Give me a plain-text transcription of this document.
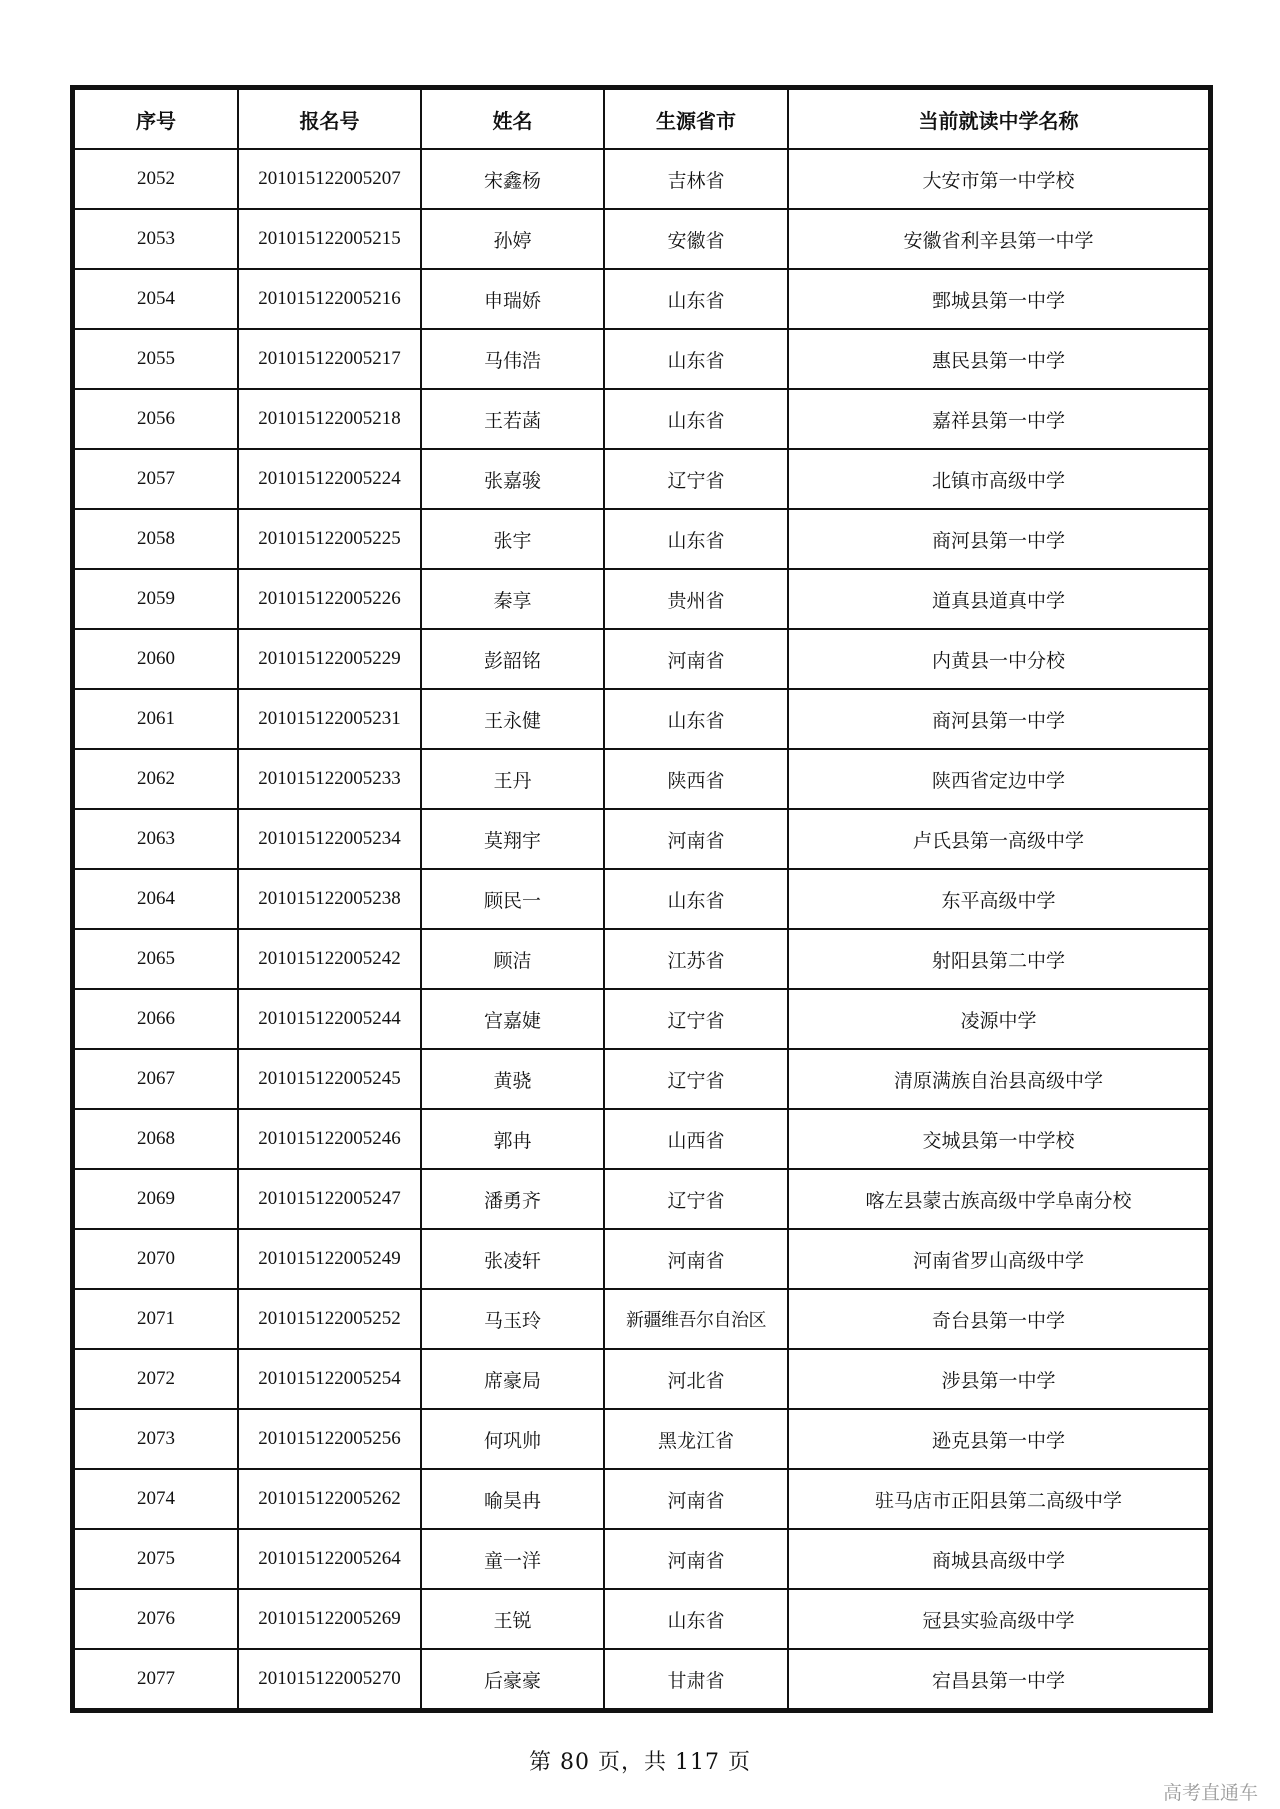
序号	报名号	姓名	生源省市	当前就读中学名称
2052	201015122005207	宋鑫杨	吉林省	大安市第一中学校
2053	201015122005215	孙婷	安徽省	安徽省利辛县第一中学
2054	201015122005216	申瑞娇	山东省	鄄城县第一中学
2055	201015122005217	马伟浩	山东省	惠民县第一中学
2056	201015122005218	王若菡	山东省	嘉祥县第一中学
2057	201015122005224	张嘉骏	辽宁省	北镇市高级中学
2058	201015122005225	张宇	山东省	商河县第一中学
2059	201015122005226	秦享	贵州省	道真县道真中学
2060	201015122005229	彭韶铭	河南省	内黄县一中分校
2061	201015122005231	王永健	山东省	商河县第一中学
2062	201015122005233	王丹	陕西省	陕西省定边中学
2063	201015122005234	莫翔宇	河南省	卢氏县第一高级中学
2064	201015122005238	顾民一	山东省	东平高级中学
2065	201015122005242	顾洁	江苏省	射阳县第二中学
2066	201015122005244	宫嘉婕	辽宁省	凌源中学
2067	201015122005245	黄骁	辽宁省	清原满族自治县高级中学
2068	201015122005246	郭冉	山西省	交城县第一中学校
2069	201015122005247	潘勇齐	辽宁省	喀左县蒙古族高级中学阜南分校
2070	201015122005249	张凌轩	河南省	河南省罗山高级中学
2071	201015122005252	马玉玲	新疆维吾尔自治区	奇台县第一中学
2072	201015122005254	席豪局	河北省	涉县第一中学
2073	201015122005256	何巩帅	黑龙江省	逊克县第一中学
2074	201015122005262	喻昊冉	河南省	驻马店市正阳县第二高级中学
2075	201015122005264	童一洋	河南省	商城县高级中学
2076	201015122005269	王锐	山东省	冠县实验高级中学
2077	201015122005270	后豪豪	甘肃省	宕昌县第一中学
第 80 页，共 117 页
高考直通车
